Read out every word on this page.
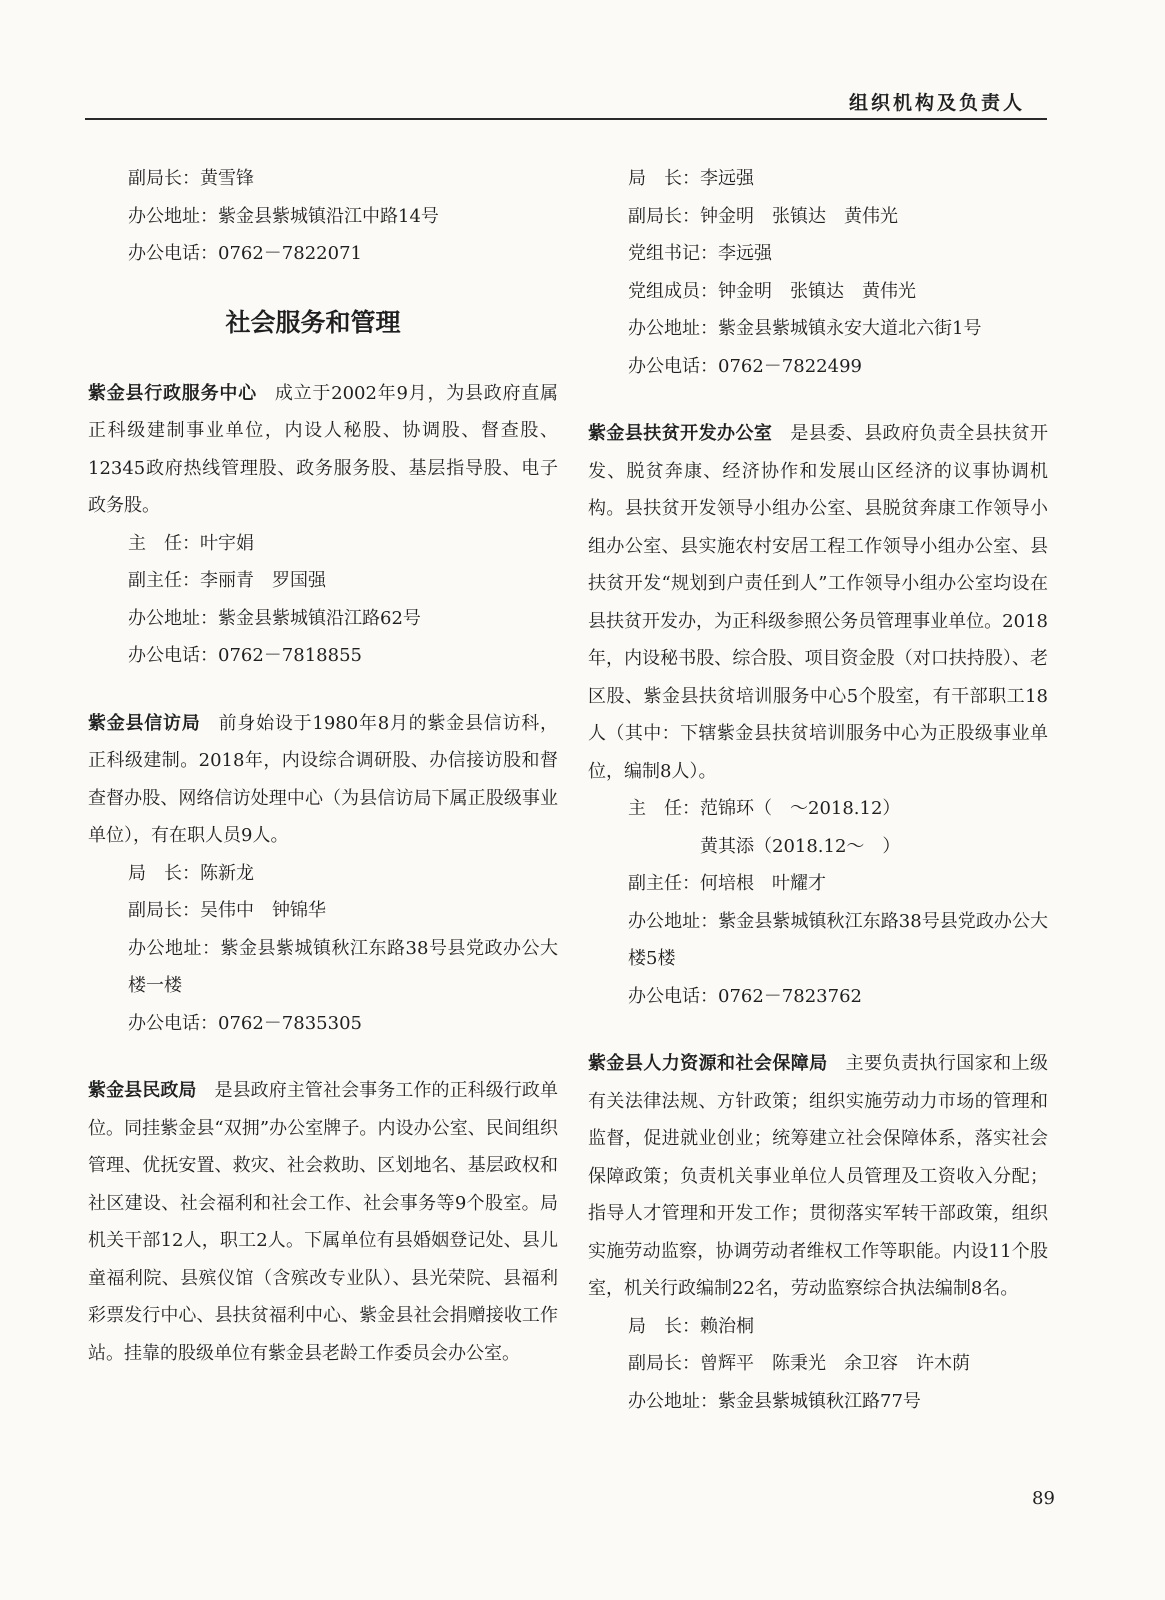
组织机构及负责人
副局长：黄雪锋
办公地址：紫金县紫城镇沿江中路14号
办公电话：0762－7822071
社会服务和管理
紫金县行政服务中心 成立于2002年9月，为县政府直属正科级建制事业单位，内设人秘股、协调股、督查股、12345政府热线管理股、政务服务股、基层指导股、电子政务股。
主　任：叶宇娟
副主任：李丽青　罗国强
办公地址：紫金县紫城镇沿江路62号
办公电话：0762－7818855
紫金县信访局 前身始设于1980年8月的紫金县信访科，正科级建制。2018年，内设综合调研股、办信接访股和督查督办股、网络信访处理中心（为县信访局下属正股级事业单位），有在职人员9人。
局　长：陈新龙
副局长：吴伟中　钟锦华
办公地址：紫金县紫城镇秋江东路38号县党政办公大楼一楼
办公电话：0762－7835305
紫金县民政局 是县政府主管社会事务工作的正科级行政单位。同挂紫金县“双拥”办公室牌子。内设办公室、民间组织管理、优抚安置、救灾、社会救助、区划地名、基层政权和社区建设、社会福利和社会工作、社会事务等9个股室。局机关干部12人，职工2人。下属单位有县婚姻登记处、县儿童福利院、县殡仪馆（含殡改专业队）、县光荣院、县福利彩票发行中心、县扶贫福利中心、紫金县社会捐赠接收工作站。挂靠的股级单位有紫金县老龄工作委员会办公室。
局　长：李远强
副局长：钟金明　张镇达　黄伟光
党组书记：李远强
党组成员：钟金明　张镇达　黄伟光
办公地址：紫金县紫城镇永安大道北六街1号
办公电话：0762－7822499
紫金县扶贫开发办公室 是县委、县政府负责全县扶贫开发、脱贫奔康、经济协作和发展山区经济的议事协调机构。县扶贫开发领导小组办公室、县脱贫奔康工作领导小组办公室、县实施农村安居工程工作领导小组办公室、县扶贫开发“规划到户责任到人”工作领导小组办公室均设在县扶贫开发办，为正科级参照公务员管理事业单位。2018年，内设秘书股、综合股、项目资金股（对口扶持股）、老区股、紫金县扶贫培训服务中心5个股室，有干部职工18人（其中：下辖紫金县扶贫培训服务中心为正股级事业单位，编制8人）。
主　任：范锦环（　～2018.12）
　　　　黄其添（2018.12～　）
副主任：何培根　叶耀才
办公地址：紫金县紫城镇秋江东路38号县党政办公大楼5楼
办公电话：0762－7823762
紫金县人力资源和社会保障局 主要负责执行国家和上级有关法律法规、方针政策；组织实施劳动力市场的管理和监督，促进就业创业；统筹建立社会保障体系，落实社会保障政策；负责机关事业单位人员管理及工资收入分配；指导人才管理和开发工作；贯彻落实军转干部政策，组织实施劳动监察，协调劳动者维权工作等职能。内设11个股室，机关行政编制22名，劳动监察综合执法编制8名。
局　长：赖治桐
副局长：曾辉平　陈秉光　余卫容　许木荫
办公地址：紫金县紫城镇秋江路77号
89
